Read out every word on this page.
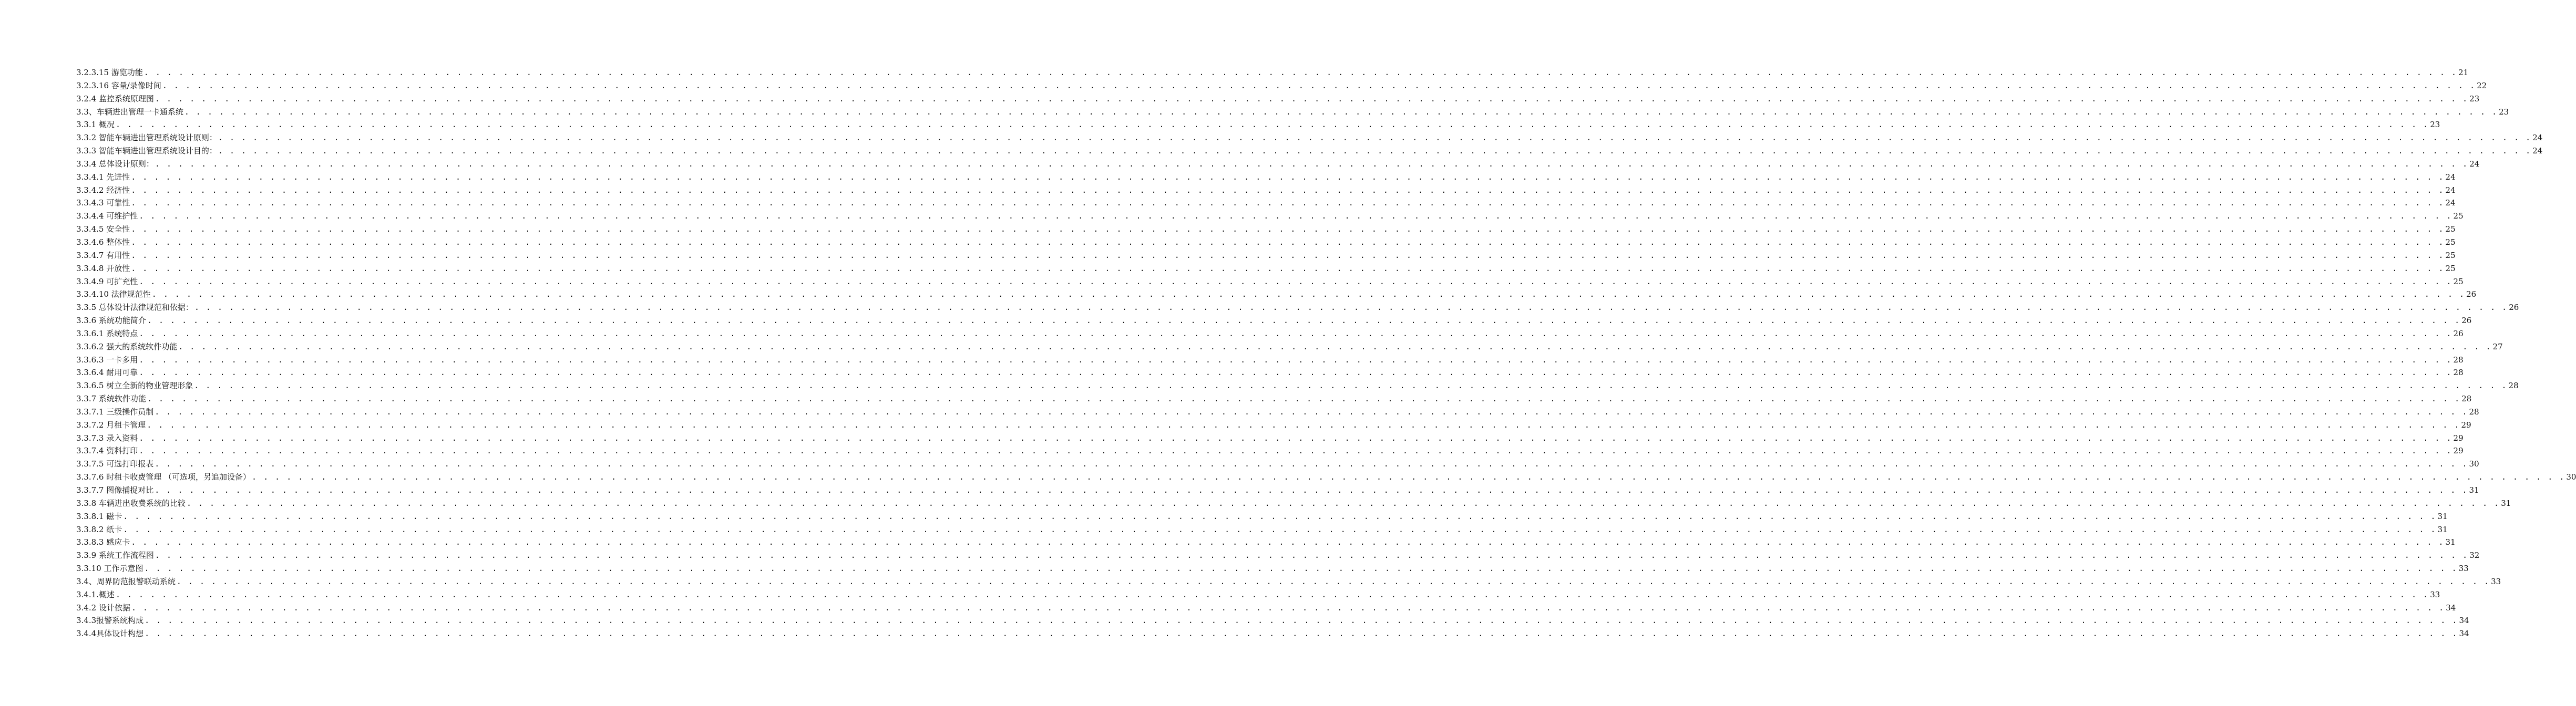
3.2.3.15 游览功能 . . . . . . . . . . . . . . . . . . . . . . . . . . . . . . . . . . . . . . . . . . . . . . . . . . . . . . . . . . . . . . . . . . . . . . . . . . . . . . . . . . . . . . . . . . . . . . . . . . . . . . . . . . . . . . . . . . . . . . . . . . . . . . . . . . . . . . . . . . . . . . . . . . . . . . . . . . . . . . . . . . . . . . . . . . . . . . . . . . . . . . . . . . . . . . . . . . . . . . . . 21
3.2.3.16 容量/录像时间 . . . . . . . . . . . . . . . . . . . . . . . . . . . . . . . . . . . . . . . . . . . . . . . . . . . . . . . . . . . . . . . . . . . . . . . . . . . . . . . . . . . . . . . . . . . . . . . . . . . . . . . . . . . . . . . . . . . . . . . . . . . . . . . . . . . . . . . . . . . . . . . . . . . . . . . . . . . . . . . . . . . . . . . . . . . . . . . . . . . . . . . . . . . . . . . . . . . . . . . . 22
3.2.4 监控系统原理图 . . . . . . . . . . . . . . . . . . . . . . . . . . . . . . . . . . . . . . . . . . . . . . . . . . . . . . . . . . . . . . . . . . . . . . . . . . . . . . . . . . . . . . . . . . . . . . . . . . . . . . . . . . . . . . . . . . . . . . . . . . . . . . . . . . . . . . . . . . . . . . . . . . . . . . . . . . . . . . . . . . . . . . . . . . . . . . . . . . . . . . . . . . . . . . . . . . . . . . . . 23
3.3、车辆进出管理一卡通系统 . . . . . . . . . . . . . . . . . . . . . . . . . . . . . . . . . . . . . . . . . . . . . . . . . . . . . . . . . . . . . . . . . . . . . . . . . . . . . . . . . . . . . . . . . . . . . . . . . . . . . . . . . . . . . . . . . . . . . . . . . . . . . . . . . . . . . . . . . . . . . . . . . . . . . . . . . . . . . . . . . . . . . . . . . . . . . . . . . . . . . . . . . . . . . . . . . . . . . . . . 23
3.3.1 概况 . . . . . . . . . . . . . . . . . . . . . . . . . . . . . . . . . . . . . . . . . . . . . . . . . . . . . . . . . . . . . . . . . . . . . . . . . . . . . . . . . . . . . . . . . . . . . . . . . . . . . . . . . . . . . . . . . . . . . . . . . . . . . . . . . . . . . . . . . . . . . . . . . . . . . . . . . . . . . . . . . . . . . . . . . . . . . . . . . . . . . . . . . . . . . . . . . . . . . . . . 23
3.3.2 智能车辆进出管理系统设计原则： . . . . . . . . . . . . . . . . . . . . . . . . . . . . . . . . . . . . . . . . . . . . . . . . . . . . . . . . . . . . . . . . . . . . . . . . . . . . . . . . . . . . . . . . . . . . . . . . . . . . . . . . . . . . . . . . . . . . . . . . . . . . . . . . . . . . . . . . . . . . . . . . . . . . . . . . . . . . . . . . . . . . . . . . . . . . . . . . . . . . . . . . . . . . . . . . . . . . . . . . 24
3.3.3 智能车辆进出管理系统设计目的： . . . . . . . . . . . . . . . . . . . . . . . . . . . . . . . . . . . . . . . . . . . . . . . . . . . . . . . . . . . . . . . . . . . . . . . . . . . . . . . . . . . . . . . . . . . . . . . . . . . . . . . . . . . . . . . . . . . . . . . . . . . . . . . . . . . . . . . . . . . . . . . . . . . . . . . . . . . . . . . . . . . . . . . . . . . . . . . . . . . . . . . . . . . . . . . . . . . . . . . . 24
3.3.4 总体设计原则： . . . . . . . . . . . . . . . . . . . . . . . . . . . . . . . . . . . . . . . . . . . . . . . . . . . . . . . . . . . . . . . . . . . . . . . . . . . . . . . . . . . . . . . . . . . . . . . . . . . . . . . . . . . . . . . . . . . . . . . . . . . . . . . . . . . . . . . . . . . . . . . . . . . . . . . . . . . . . . . . . . . . . . . . . . . . . . . . . . . . . . . . . . . . . . . . . . . . . . . . 24
3.3.4.1 先进性 . . . . . . . . . . . . . . . . . . . . . . . . . . . . . . . . . . . . . . . . . . . . . . . . . . . . . . . . . . . . . . . . . . . . . . . . . . . . . . . . . . . . . . . . . . . . . . . . . . . . . . . . . . . . . . . . . . . . . . . . . . . . . . . . . . . . . . . . . . . . . . . . . . . . . . . . . . . . . . . . . . . . . . . . . . . . . . . . . . . . . . . . . . . . . . . . . . . . . . . . 24
3.3.4.2 经济性 . . . . . . . . . . . . . . . . . . . . . . . . . . . . . . . . . . . . . . . . . . . . . . . . . . . . . . . . . . . . . . . . . . . . . . . . . . . . . . . . . . . . . . . . . . . . . . . . . . . . . . . . . . . . . . . . . . . . . . . . . . . . . . . . . . . . . . . . . . . . . . . . . . . . . . . . . . . . . . . . . . . . . . . . . . . . . . . . . . . . . . . . . . . . . . . . . . . . . . . . 24
3.3.4.3 可靠性 . . . . . . . . . . . . . . . . . . . . . . . . . . . . . . . . . . . . . . . . . . . . . . . . . . . . . . . . . . . . . . . . . . . . . . . . . . . . . . . . . . . . . . . . . . . . . . . . . . . . . . . . . . . . . . . . . . . . . . . . . . . . . . . . . . . . . . . . . . . . . . . . . . . . . . . . . . . . . . . . . . . . . . . . . . . . . . . . . . . . . . . . . . . . . . . . . . . . . . . . 24
3.3.4.4 可维护性 . . . . . . . . . . . . . . . . . . . . . . . . . . . . . . . . . . . . . . . . . . . . . . . . . . . . . . . . . . . . . . . . . . . . . . . . . . . . . . . . . . . . . . . . . . . . . . . . . . . . . . . . . . . . . . . . . . . . . . . . . . . . . . . . . . . . . . . . . . . . . . . . . . . . . . . . . . . . . . . . . . . . . . . . . . . . . . . . . . . . . . . . . . . . . . . . . . . . . . . . 25
3.3.4.5 安全性 . . . . . . . . . . . . . . . . . . . . . . . . . . . . . . . . . . . . . . . . . . . . . . . . . . . . . . . . . . . . . . . . . . . . . . . . . . . . . . . . . . . . . . . . . . . . . . . . . . . . . . . . . . . . . . . . . . . . . . . . . . . . . . . . . . . . . . . . . . . . . . . . . . . . . . . . . . . . . . . . . . . . . . . . . . . . . . . . . . . . . . . . . . . . . . . . . . . . . . . . 25
3.3.4.6 整体性 . . . . . . . . . . . . . . . . . . . . . . . . . . . . . . . . . . . . . . . . . . . . . . . . . . . . . . . . . . . . . . . . . . . . . . . . . . . . . . . . . . . . . . . . . . . . . . . . . . . . . . . . . . . . . . . . . . . . . . . . . . . . . . . . . . . . . . . . . . . . . . . . . . . . . . . . . . . . . . . . . . . . . . . . . . . . . . . . . . . . . . . . . . . . . . . . . . . . . . . . 25
3.3.4.7 有用性 . . . . . . . . . . . . . . . . . . . . . . . . . . . . . . . . . . . . . . . . . . . . . . . . . . . . . . . . . . . . . . . . . . . . . . . . . . . . . . . . . . . . . . . . . . . . . . . . . . . . . . . . . . . . . . . . . . . . . . . . . . . . . . . . . . . . . . . . . . . . . . . . . . . . . . . . . . . . . . . . . . . . . . . . . . . . . . . . . . . . . . . . . . . . . . . . . . . . . . . . 25
3.3.4.8 开放性 . . . . . . . . . . . . . . . . . . . . . . . . . . . . . . . . . . . . . . . . . . . . . . . . . . . . . . . . . . . . . . . . . . . . . . . . . . . . . . . . . . . . . . . . . . . . . . . . . . . . . . . . . . . . . . . . . . . . . . . . . . . . . . . . . . . . . . . . . . . . . . . . . . . . . . . . . . . . . . . . . . . . . . . . . . . . . . . . . . . . . . . . . . . . . . . . . . . . . . . . 25
3.3.4.9 可扩充性 . . . . . . . . . . . . . . . . . . . . . . . . . . . . . . . . . . . . . . . . . . . . . . . . . . . . . . . . . . . . . . . . . . . . . . . . . . . . . . . . . . . . . . . . . . . . . . . . . . . . . . . . . . . . . . . . . . . . . . . . . . . . . . . . . . . . . . . . . . . . . . . . . . . . . . . . . . . . . . . . . . . . . . . . . . . . . . . . . . . . . . . . . . . . . . . . . . . . . . . . 25
3.3.4.10 法律规范性 . . . . . . . . . . . . . . . . . . . . . . . . . . . . . . . . . . . . . . . . . . . . . . . . . . . . . . . . . . . . . . . . . . . . . . . . . . . . . . . . . . . . . . . . . . . . . . . . . . . . . . . . . . . . . . . . . . . . . . . . . . . . . . . . . . . . . . . . . . . . . . . . . . . . . . . . . . . . . . . . . . . . . . . . . . . . . . . . . . . . . . . . . . . . . . . . . . . . . . . . 26
3.3.5 总体设计法律规范和依据： . . . . . . . . . . . . . . . . . . . . . . . . . . . . . . . . . . . . . . . . . . . . . . . . . . . . . . . . . . . . . . . . . . . . . . . . . . . . . . . . . . . . . . . . . . . . . . . . . . . . . . . . . . . . . . . . . . . . . . . . . . . . . . . . . . . . . . . . . . . . . . . . . . . . . . . . . . . . . . . . . . . . . . . . . . . . . . . . . . . . . . . . . . . . . . . . . . . . . . . . 26
3.3.6 系统功能简介 . . . . . . . . . . . . . . . . . . . . . . . . . . . . . . . . . . . . . . . . . . . . . . . . . . . . . . . . . . . . . . . . . . . . . . . . . . . . . . . . . . . . . . . . . . . . . . . . . . . . . . . . . . . . . . . . . . . . . . . . . . . . . . . . . . . . . . . . . . . . . . . . . . . . . . . . . . . . . . . . . . . . . . . . . . . . . . . . . . . . . . . . . . . . . . . . . . . . . . . . 26
3.3.6.1 系统特点 . . . . . . . . . . . . . . . . . . . . . . . . . . . . . . . . . . . . . . . . . . . . . . . . . . . . . . . . . . . . . . . . . . . . . . . . . . . . . . . . . . . . . . . . . . . . . . . . . . . . . . . . . . . . . . . . . . . . . . . . . . . . . . . . . . . . . . . . . . . . . . . . . . . . . . . . . . . . . . . . . . . . . . . . . . . . . . . . . . . . . . . . . . . . . . . . . . . . . . . . 26
3.3.6.2 强大的系统软件功能 . . . . . . . . . . . . . . . . . . . . . . . . . . . . . . . . . . . . . . . . . . . . . . . . . . . . . . . . . . . . . . . . . . . . . . . . . . . . . . . . . . . . . . . . . . . . . . . . . . . . . . . . . . . . . . . . . . . . . . . . . . . . . . . . . . . . . . . . . . . . . . . . . . . . . . . . . . . . . . . . . . . . . . . . . . . . . . . . . . . . . . . . . . . . . . . . . . . . . . . . 27
3.3.6.3 一卡多用 . . . . . . . . . . . . . . . . . . . . . . . . . . . . . . . . . . . . . . . . . . . . . . . . . . . . . . . . . . . . . . . . . . . . . . . . . . . . . . . . . . . . . . . . . . . . . . . . . . . . . . . . . . . . . . . . . . . . . . . . . . . . . . . . . . . . . . . . . . . . . . . . . . . . . . . . . . . . . . . . . . . . . . . . . . . . . . . . . . . . . . . . . . . . . . . . . . . . . . . . 28
3.3.6.4 耐用可靠 . . . . . . . . . . . . . . . . . . . . . . . . . . . . . . . . . . . . . . . . . . . . . . . . . . . . . . . . . . . . . . . . . . . . . . . . . . . . . . . . . . . . . . . . . . . . . . . . . . . . . . . . . . . . . . . . . . . . . . . . . . . . . . . . . . . . . . . . . . . . . . . . . . . . . . . . . . . . . . . . . . . . . . . . . . . . . . . . . . . . . . . . . . . . . . . . . . . . . . . . 28
3.3.6.5 树立全新的物业管理形象 . . . . . . . . . . . . . . . . . . . . . . . . . . . . . . . . . . . . . . . . . . . . . . . . . . . . . . . . . . . . . . . . . . . . . . . . . . . . . . . . . . . . . . . . . . . . . . . . . . . . . . . . . . . . . . . . . . . . . . . . . . . . . . . . . . . . . . . . . . . . . . . . . . . . . . . . . . . . . . . . . . . . . . . . . . . . . . . . . . . . . . . . . . . . . . . . . . . . . . . . 28
3.3.7 系统软件功能 . . . . . . . . . . . . . . . . . . . . . . . . . . . . . . . . . . . . . . . . . . . . . . . . . . . . . . . . . . . . . . . . . . . . . . . . . . . . . . . . . . . . . . . . . . . . . . . . . . . . . . . . . . . . . . . . . . . . . . . . . . . . . . . . . . . . . . . . . . . . . . . . . . . . . . . . . . . . . . . . . . . . . . . . . . . . . . . . . . . . . . . . . . . . . . . . . . . . . . . . 28
3.3.7.1 三级操作员制 . . . . . . . . . . . . . . . . . . . . . . . . . . . . . . . . . . . . . . . . . . . . . . . . . . . . . . . . . . . . . . . . . . . . . . . . . . . . . . . . . . . . . . . . . . . . . . . . . . . . . . . . . . . . . . . . . . . . . . . . . . . . . . . . . . . . . . . . . . . . . . . . . . . . . . . . . . . . . . . . . . . . . . . . . . . . . . . . . . . . . . . . . . . . . . . . . . . . . . . . 28
3.3.7.2 月租卡管理 . . . . . . . . . . . . . . . . . . . . . . . . . . . . . . . . . . . . . . . . . . . . . . . . . . . . . . . . . . . . . . . . . . . . . . . . . . . . . . . . . . . . . . . . . . . . . . . . . . . . . . . . . . . . . . . . . . . . . . . . . . . . . . . . . . . . . . . . . . . . . . . . . . . . . . . . . . . . . . . . . . . . . . . . . . . . . . . . . . . . . . . . . . . . . . . . . . . . . . . . 29
3.3.7.3 录入资料 . . . . . . . . . . . . . . . . . . . . . . . . . . . . . . . . . . . . . . . . . . . . . . . . . . . . . . . . . . . . . . . . . . . . . . . . . . . . . . . . . . . . . . . . . . . . . . . . . . . . . . . . . . . . . . . . . . . . . . . . . . . . . . . . . . . . . . . . . . . . . . . . . . . . . . . . . . . . . . . . . . . . . . . . . . . . . . . . . . . . . . . . . . . . . . . . . . . . . . . . 29
3.3.7.4 资料打印 . . . . . . . . . . . . . . . . . . . . . . . . . . . . . . . . . . . . . . . . . . . . . . . . . . . . . . . . . . . . . . . . . . . . . . . . . . . . . . . . . . . . . . . . . . . . . . . . . . . . . . . . . . . . . . . . . . . . . . . . . . . . . . . . . . . . . . . . . . . . . . . . . . . . . . . . . . . . . . . . . . . . . . . . . . . . . . . . . . . . . . . . . . . . . . . . . . . . . . . . 29
3.3.7.5 可选打印报表 . . . . . . . . . . . . . . . . . . . . . . . . . . . . . . . . . . . . . . . . . . . . . . . . . . . . . . . . . . . . . . . . . . . . . . . . . . . . . . . . . . . . . . . . . . . . . . . . . . . . . . . . . . . . . . . . . . . . . . . . . . . . . . . . . . . . . . . . . . . . . . . . . . . . . . . . . . . . . . . . . . . . . . . . . . . . . . . . . . . . . . . . . . . . . . . . . . . . . . . . 30
3.3.7.6 时租卡收费管理 （可选项，另追加设备） . . . . . . . . . . . . . . . . . . . . . . . . . . . . . . . . . . . . . . . . . . . . . . . . . . . . . . . . . . . . . . . . . . . . . . . . . . . . . . . . . . . . . . . . . . . . . . . . . . . . . . . . . . . . . . . . . . . . . . . . . . . . . . . . . . . . . . . . . . . . . . . . . . . . . . . . . . . . . . . . . . . . . . . . . . . . . . . . . . . . . . . . . . . . . . . . . . . . . . . . 30
3.3.7.7 图像捕捉对比 . . . . . . . . . . . . . . . . . . . . . . . . . . . . . . . . . . . . . . . . . . . . . . . . . . . . . . . . . . . . . . . . . . . . . . . . . . . . . . . . . . . . . . . . . . . . . . . . . . . . . . . . . . . . . . . . . . . . . . . . . . . . . . . . . . . . . . . . . . . . . . . . . . . . . . . . . . . . . . . . . . . . . . . . . . . . . . . . . . . . . . . . . . . . . . . . . . . . . . . . 31
3.3.8 车辆进出收费系统的比较 . . . . . . . . . . . . . . . . . . . . . . . . . . . . . . . . . . . . . . . . . . . . . . . . . . . . . . . . . . . . . . . . . . . . . . . . . . . . . . . . . . . . . . . . . . . . . . . . . . . . . . . . . . . . . . . . . . . . . . . . . . . . . . . . . . . . . . . . . . . . . . . . . . . . . . . . . . . . . . . . . . . . . . . . . . . . . . . . . . . . . . . . . . . . . . . . . . . . . . . . 31
3.3.8.1 磁卡 . . . . . . . . . . . . . . . . . . . . . . . . . . . . . . . . . . . . . . . . . . . . . . . . . . . . . . . . . . . . . . . . . . . . . . . . . . . . . . . . . . . . . . . . . . . . . . . . . . . . . . . . . . . . . . . . . . . . . . . . . . . . . . . . . . . . . . . . . . . . . . . . . . . . . . . . . . . . . . . . . . . . . . . . . . . . . . . . . . . . . . . . . . . . . . . . . . . . . . . . 31
3.3.8.2 纸卡 . . . . . . . . . . . . . . . . . . . . . . . . . . . . . . . . . . . . . . . . . . . . . . . . . . . . . . . . . . . . . . . . . . . . . . . . . . . . . . . . . . . . . . . . . . . . . . . . . . . . . . . . . . . . . . . . . . . . . . . . . . . . . . . . . . . . . . . . . . . . . . . . . . . . . . . . . . . . . . . . . . . . . . . . . . . . . . . . . . . . . . . . . . . . . . . . . . . . . . . . 31
3.3.8.3 感应卡 . . . . . . . . . . . . . . . . . . . . . . . . . . . . . . . . . . . . . . . . . . . . . . . . . . . . . . . . . . . . . . . . . . . . . . . . . . . . . . . . . . . . . . . . . . . . . . . . . . . . . . . . . . . . . . . . . . . . . . . . . . . . . . . . . . . . . . . . . . . . . . . . . . . . . . . . . . . . . . . . . . . . . . . . . . . . . . . . . . . . . . . . . . . . . . . . . . . . . . . . 31
3.3.9 系统工作流程图 . . . . . . . . . . . . . . . . . . . . . . . . . . . . . . . . . . . . . . . . . . . . . . . . . . . . . . . . . . . . . . . . . . . . . . . . . . . . . . . . . . . . . . . . . . . . . . . . . . . . . . . . . . . . . . . . . . . . . . . . . . . . . . . . . . . . . . . . . . . . . . . . . . . . . . . . . . . . . . . . . . . . . . . . . . . . . . . . . . . . . . . . . . . . . . . . . . . . . . . . 32
3.3.10 工作示意图 . . . . . . . . . . . . . . . . . . . . . . . . . . . . . . . . . . . . . . . . . . . . . . . . . . . . . . . . . . . . . . . . . . . . . . . . . . . . . . . . . . . . . . . . . . . . . . . . . . . . . . . . . . . . . . . . . . . . . . . . . . . . . . . . . . . . . . . . . . . . . . . . . . . . . . . . . . . . . . . . . . . . . . . . . . . . . . . . . . . . . . . . . . . . . . . . . . . . . . . . 33
3.4、周界防范报警联动系统 . . . . . . . . . . . . . . . . . . . . . . . . . . . . . . . . . . . . . . . . . . . . . . . . . . . . . . . . . . . . . . . . . . . . . . . . . . . . . . . . . . . . . . . . . . . . . . . . . . . . . . . . . . . . . . . . . . . . . . . . . . . . . . . . . . . . . . . . . . . . . . . . . . . . . . . . . . . . . . . . . . . . . . . . . . . . . . . . . . . . . . . . . . . . . . . . . . . . . . . . 33
3.4.1.概述 . . . . . . . . . . . . . . . . . . . . . . . . . . . . . . . . . . . . . . . . . . . . . . . . . . . . . . . . . . . . . . . . . . . . . . . . . . . . . . . . . . . . . . . . . . . . . . . . . . . . . . . . . . . . . . . . . . . . . . . . . . . . . . . . . . . . . . . . . . . . . . . . . . . . . . . . . . . . . . . . . . . . . . . . . . . . . . . . . . . . . . . . . . . . . . . . . . . . . . . . 33
3.4.2 设计依据 . . . . . . . . . . . . . . . . . . . . . . . . . . . . . . . . . . . . . . . . . . . . . . . . . . . . . . . . . . . . . . . . . . . . . . . . . . . . . . . . . . . . . . . . . . . . . . . . . . . . . . . . . . . . . . . . . . . . . . . . . . . . . . . . . . . . . . . . . . . . . . . . . . . . . . . . . . . . . . . . . . . . . . . . . . . . . . . . . . . . . . . . . . . . . . . . . . . . . . . . 34
3.4.3报警系统构成 . . . . . . . . . . . . . . . . . . . . . . . . . . . . . . . . . . . . . . . . . . . . . . . . . . . . . . . . . . . . . . . . . . . . . . . . . . . . . . . . . . . . . . . . . . . . . . . . . . . . . . . . . . . . . . . . . . . . . . . . . . . . . . . . . . . . . . . . . . . . . . . . . . . . . . . . . . . . . . . . . . . . . . . . . . . . . . . . . . . . . . . . . . . . . . . . . . . . . . . . 34
3.4.4具体设计构想 . . . . . . . . . . . . . . . . . . . . . . . . . . . . . . . . . . . . . . . . . . . . . . . . . . . . . . . . . . . . . . . . . . . . . . . . . . . . . . . . . . . . . . . . . . . . . . . . . . . . . . . . . . . . . . . . . . . . . . . . . . . . . . . . . . . . . . . . . . . . . . . . . . . . . . . . . . . . . . . . . . . . . . . . . . . . . . . . . . . . . . . . . . . . . . . . . . . . . . . . 34
